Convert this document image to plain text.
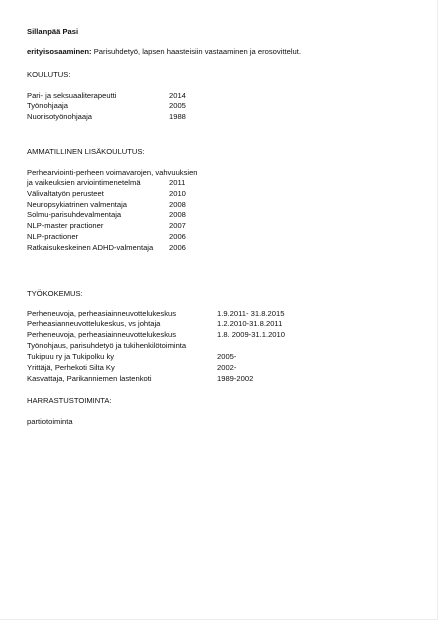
Sillanpää Pasi
erityisosaaminen: Parisuhdetyö, lapsen haasteisiin vastaaminen ja erosovittelut.
KOULUTUS:
Pari- ja seksuaaliterapeutti	2014
Työnohjaaja	2005
Nuorisotyönohjaaja	1988
AMMATILLINEN LISÄKOULUTUS:
Perhearviointi-perheen voimavarojen, vahvuuksien
ja vaikeuksien arviointimenetelmä	2011
Välivaltatyön perusteet	2010
Neuropsykiatrinen valmentaja	2008
Solmu-parisuhdevalmentaja	2008
NLP-master practioner	2007
NLP-practioner	2006
Ratkaisukeskeinen ADHD-valmentaja 2006
TYÖKOKEMUS:
Perheneuvoja, perheasiainneuvottelukeskus	1.9.2011- 31.8.2015
Perheasianneuvottelukeskus, vs johtaja	1.2.2010-31.8.2011
Perheneuvoja, perheasiainneuvottelukeskus	1.8. 2009-31.1.2010
Työnohjaus, parisuhdetyö ja tukihenkilötoiminta
Tukipuu ry ja Tukipolku ky	2005-
Yrittäjä, Perhekoti Silta Ky	2002-
Kasvattaja, Parikanniemen lastenkoti	1989-2002
HARRASTUSTOIMINTA:
partiotoiminta
